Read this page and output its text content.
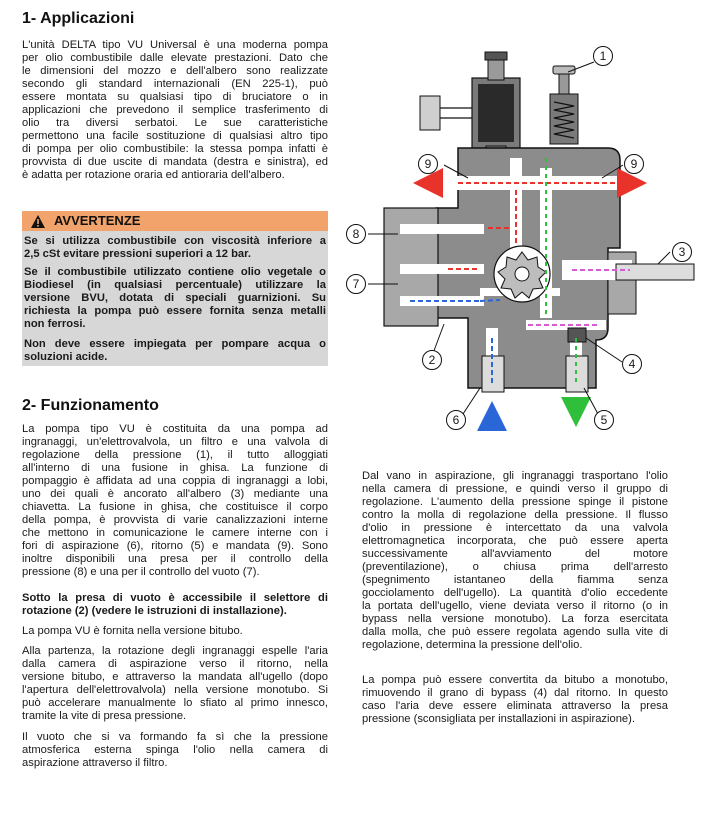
1- Applicazioni
L'unità DELTA tipo VU Universal è una moderna pompa
per olio combustibile dalle elevate prestazioni. Dato che
le dimensioni del mozzo e dell'albero sono realizzate
secondo gli standard internazionali (EN 225-1), può
essere montata su qualsiasi tipo di bruciatore o in
applicazioni che prevedono il semplice trasferimento di
olio tra diversi serbatoi. Le sue caratteristiche
permettono una facile sostituzione di qualsiasi altro tipo
di pompa per olio combustibile: la stessa pompa infatti è
provvista di due uscite di mandata (destra e sinistra), ed
è adatta per rotazione oraria ed antioraria dell'albero.
AVVERTENZE
Se si utilizza combustibile con viscosità inferiore a
2,5 cSt evitare pressioni superiori a 12 bar.
Se il combustibile utilizzato contiene olio vegetale o
Biodiesel (in qualsiasi percentuale) utilizzare la
versione BVU, dotata di speciali guarnizioni. Su
richiesta la pompa può essere fornita senza metalli
non ferrosi.
Non deve essere impiegata per pompare acqua o
soluzioni acide.
2- Funzionamento
La pompa tipo VU è costituita da una pompa ad
ingranaggi, un'elettrovalvola, un filtro e una valvola di
regolazione della pressione (1), il tutto alloggiati
all'interno di una fusione in ghisa. La funzione di
pompaggio è affidata ad una coppia di ingranaggi a lobi,
uno dei quali è ancorato all'albero (3) mediante una
chiavetta. La fusione in ghisa, che costituisce il corpo
della pompa, è provvista di varie canalizzazioni interne
che mettono in comunicazione le camere interne con i
fori di aspirazione (6), ritorno (5) e mandata (9). Sono
inoltre disponibili una presa per il controllo della
pressione (8) e una per il controllo del vuoto (7).
Sotto la presa di vuoto è accessibile il selettore di
rotazione (2) (vedere le istruzioni di installazione).
La pompa VU è fornita nella versione bitubo.
Alla partenza, la rotazione degli ingranaggi espelle l'aria
dalla camera di aspirazione verso il ritorno, nella
versione bitubo, e attraverso la mandata all'ugello (dopo
l'apertura dell'elettrovalvola) nella versione monotubo. Si
può accelerare manualmente lo sfiato al primo innesco,
tramite la vite di presa pressione.
Il vuoto che si va formando fa sì che la pressione
atmosferica esterna spinga l'olio nella camera di
aspirazione attraverso il filtro.
Dal vano in aspirazione, gli ingranaggi trasportano l'olio
nella camera di pressione, e quindi verso il gruppo di
regolazione. L'aumento della pressione spinge il pistone
contro la molla di regolazione della pressione. Il flusso
d'olio in pressione è intercettato da una valvola
elettromagnetica incorporata, che può essere aperta
successivamente all'avviamento del motore
(preventilazione), o chiusa prima dell'arresto
(spegnimento istantaneo della fiamma senza
gocciolamento dell'ugello). La quantità d'olio eccedente
la portata dell'ugello, viene deviata verso il ritorno (o in
bypass nella versione monotubo). La forza esercitata
dalla molla, che può essere regolata agendo sulla vite di
regolazione, determina la pressione dell'olio.
La pompa può essere convertita da bitubo a monotubo,
rimuovendo il grano di bypass (4) dal ritorno. In questo
caso l'aria deve essere eliminata attraverso la presa
pressione (sconsigliata per installazioni in aspirazione).
1
9	9
8
3
7
2	4
6	5
